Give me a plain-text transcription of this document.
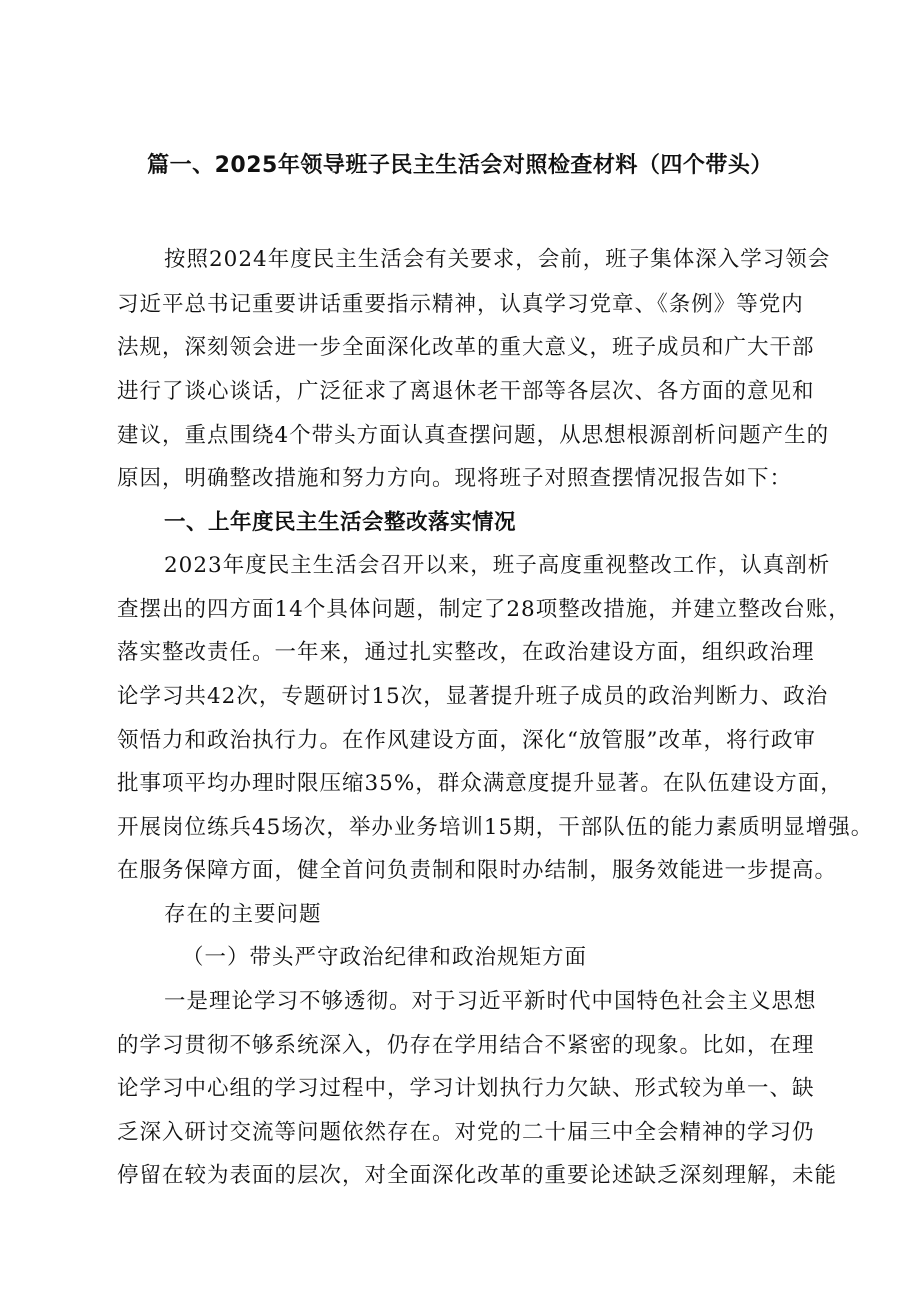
篇一、2025年领导班子民主生活会对照检查材料（四个带头）
按照2024年度民主生活会有关要求，会前，班子集体深入学习领会
习近平总书记重要讲话重要指示精神，认真学习党章、《条例》等党内
法规，深刻领会进一步全面深化改革的重大意义，班子成员和广大干部
进行了谈心谈话，广泛征求了离退休老干部等各层次、各方面的意见和
建议，重点围绕4个带头方面认真查摆问题，从思想根源剖析问题产生的
原因，明确整改措施和努力方向。现将班子对照查摆情况报告如下：
一、上年度民主生活会整改落实情况
2023年度民主生活会召开以来，班子高度重视整改工作，认真剖析
查摆出的四方面14个具体问题，制定了28项整改措施，并建立整改台账，
落实整改责任。一年来，通过扎实整改，在政治建设方面，组织政治理
论学习共42次，专题研讨15次，显著提升班子成员的政治判断力、政治
领悟力和政治执行力。在作风建设方面，深化“放管服”改革，将行政审
批事项平均办理时限压缩35%，群众满意度提升显著。在队伍建设方面，
开展岗位练兵45场次，举办业务培训15期，干部队伍的能力素质明显增强。
在服务保障方面，健全首问负责制和限时办结制，服务效能进一步提高。
存在的主要问题
（一）带头严守政治纪律和政治规矩方面
一是理论学习不够透彻。对于习近平新时代中国特色社会主义思想
的学习贯彻不够系统深入，仍存在学用结合不紧密的现象。比如，在理
论学习中心组的学习过程中，学习计划执行力欠缺、形式较为单一、缺
乏深入研讨交流等问题依然存在。对党的二十届三中全会精神的学习仍
停留在较为表面的层次，对全面深化改革的重要论述缺乏深刻理解，未能
